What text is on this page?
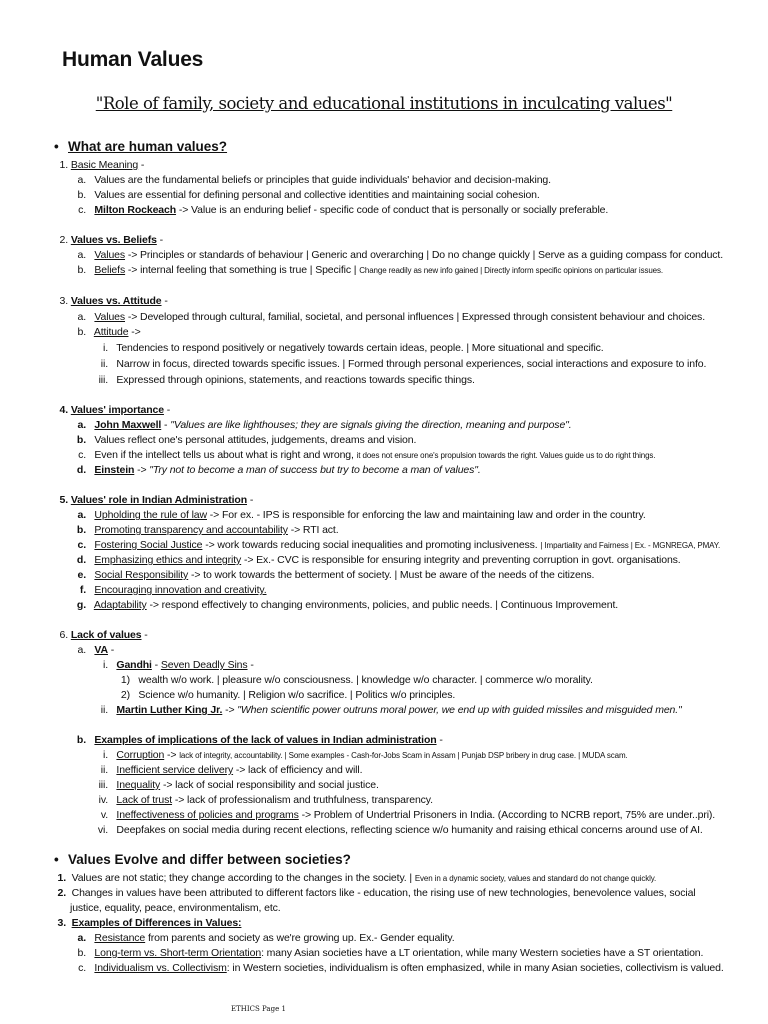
Human Values
"Role of family, society and educational institutions in inculcating values"
• What are human values?
1. Basic Meaning -
a. Values are the fundamental beliefs or principles that guide individuals' behavior and decision-making.
b. Values are essential for defining personal and collective identities and maintaining social cohesion.
c. Milton Rockeach -> Value is an enduring belief - specific code of conduct that is personally or socially preferable.
2. Values vs. Beliefs -
a. Values -> Principles or standards of behaviour | Generic and overarching | Do no change quickly | Serve as a guiding compass for conduct.
b. Beliefs -> internal feeling that something is true | Specific | Change readily as new info gained | Directly inform specific opinions on particular issues.
3. Values vs. Attitude -
a. Values -> Developed through cultural, familial, societal, and personal influences | Expressed through consistent behaviour and choices.
b. Attitude ->
i. Tendencies to respond positively or negatively towards certain ideas, people. | More situational and specific.
ii. Narrow in focus, directed towards specific issues. | Formed through personal experiences, social interactions and exposure to info.
iii. Expressed through opinions, statements, and reactions towards specific things.
4. Values' importance -
a. John Maxwell - "Values are like lighthouses; they are signals giving the direction, meaning and purpose".
b. Values reflect one's personal attitudes, judgements, dreams and vision.
c. Even if the intellect tells us about what is right and wrong, it does not ensure one's propulsion towards the right. Values guide us to do right things.
d. Einstein -> "Try not to become a man of success but try to become a man of values".
5. Values' role in Indian Administration -
a. Upholding the rule of law -> For ex. - IPS is responsible for enforcing the law and maintaining law and order in the country.
b. Promoting transparency and accountability -> RTI act.
c. Fostering Social Justice -> work towards reducing social inequalities and promoting inclusiveness. | Impartiality and Fairness | Ex. - MGNREGA, PMAY.
d. Emphasizing ethics and integrity -> Ex.- CVC is responsible for ensuring integrity and preventing corruption in govt. organisations.
e. Social Responsibility -> to work towards the betterment of society. | Must be aware of the needs of the citizens.
f. Encouraging innovation and creativity.
g. Adaptability -> respond effectively to changing environments, policies, and public needs. | Continuous Improvement.
6. Lack of values -
a. VA -
i. Gandhi - Seven Deadly Sins -
1) wealth w/o work. | pleasure w/o consciousness. | knowledge w/o character. | commerce w/o morality.
2) Science w/o humanity. | Religion w/o sacrifice. | Politics w/o principles.
ii. Martin Luther King Jr. -> "When scientific power outruns moral power, we end up with guided missiles and misguided men."
b. Examples of implications of the lack of values in Indian administration -
i. Corruption -> lack of integrity, accountability. | Some examples - Cash-for-Jobs Scam in Assam | Punjab DSP bribery in drug case. | MUDA scam.
ii. Inefficient service delivery -> lack of efficiency and will.
iii. Inequality -> lack of social responsibility and social justice.
iv. Lack of trust -> lack of professionalism and truthfulness, transparency.
v. Ineffectiveness of policies and programs -> Problem of Undertrial Prisoners in India. (According to NCRB report, 75% are under..pri).
vi. Deepfakes on social media during recent elections, reflecting science w/o humanity and raising ethical concerns around use of AI.
• Values Evolve and differ between societies?
1. Values are not static; they change according to the changes in the society. | Even in a dynamic society, values and standard do not change quickly.
2. Changes in values have been attributed to different factors like - education, the rising use of new technologies, benevolence values, social
justice, equality, peace, environmentalism, etc.
3. Examples of Differences in Values:
a. Resistance from parents and society as we're growing up. Ex.- Gender equality.
b. Long-term vs. Short-term Orientation: many Asian societies have a LT orientation, while many Western societies have a ST orientation.
c. Individualism vs. Collectivism: in Western societies, individualism is often emphasized, while in many Asian societies, collectivism is valued.
ETHICS Page 1
